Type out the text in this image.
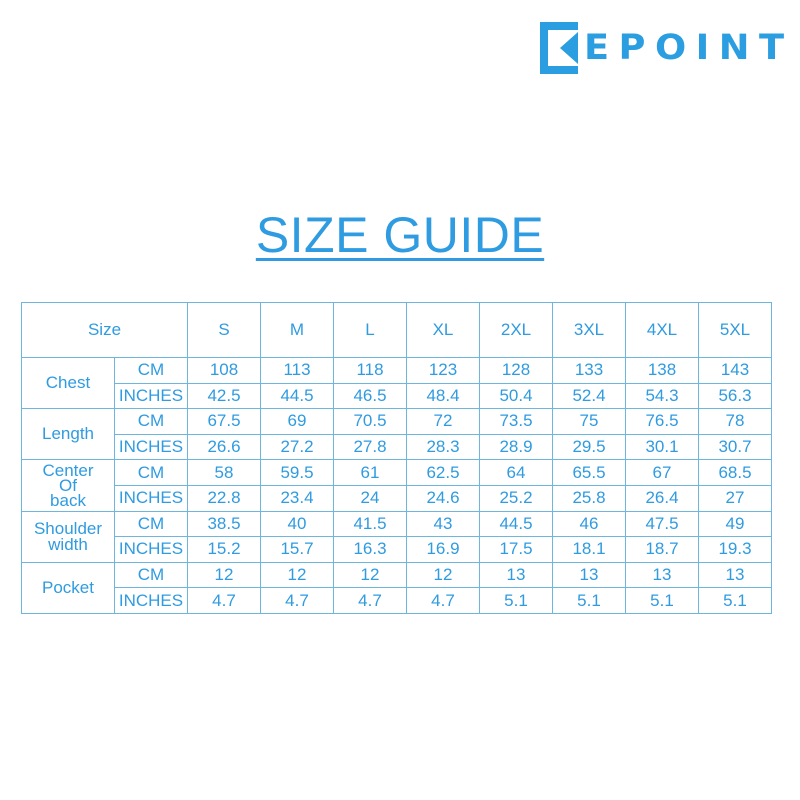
EPOINT
SIZE GUIDE
Size		S	M	L	XL	2XL	3XL	4XL	5XL
Chest	CM	108	113	118	123	128	133	138	143
	INCHES	42.5	44.5	46.5	48.4	50.4	52.4	54.3	56.3
Length	CM	67.5	69	70.5	72	73.5	75	76.5	78
	INCHES	26.6	27.2	27.8	28.3	28.9	29.5	30.1	30.7

Center
Of
back	CM	58	59.5	61	62.5	64	65.5	67	68.5
	INCHES	22.8	23.4	24	24.6	25.2	25.8	26.4	27

Shoulder
width	CM	38.5	40	41.5	43	44.5	46	47.5	49
	INCHES	15.2	15.7	16.3	16.9	17.5	18.1	18.7	19.3
Pocket	CM	12	12	12	12	13	13	13	13
	INCHES	4.7	4.7	4.7	4.7	5.1	5.1	5.1	5.1
